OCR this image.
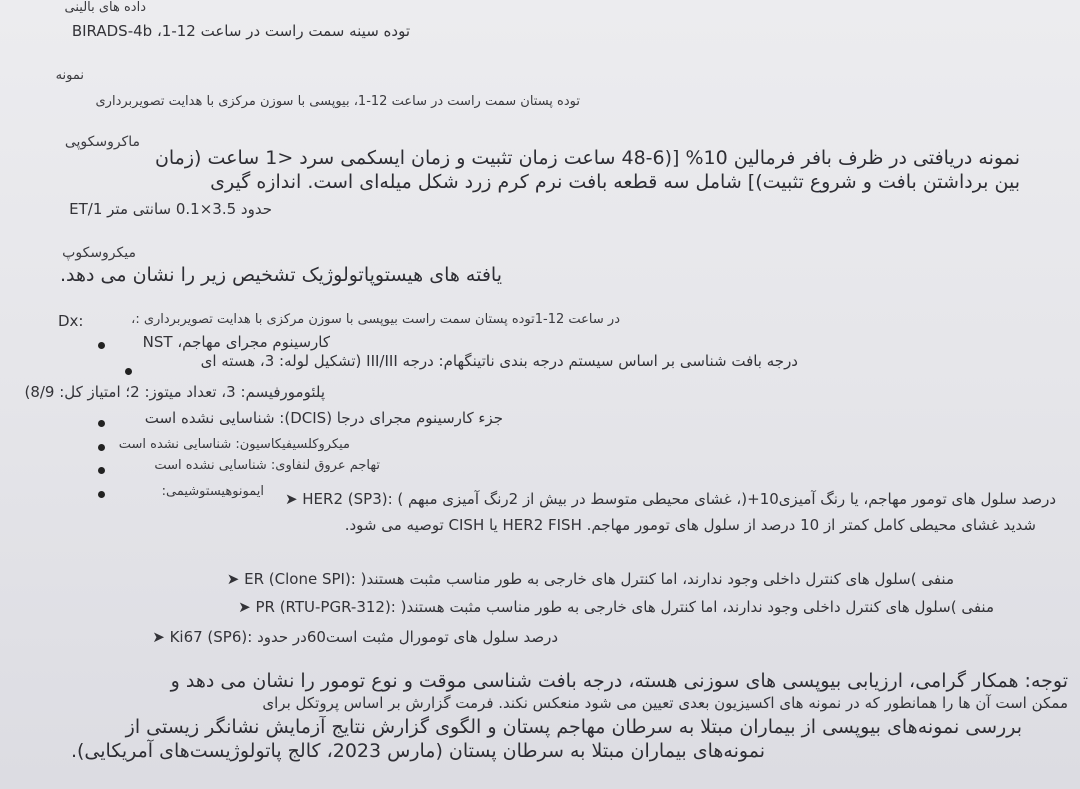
داده های بالینی
توده سینه سمت راست در ساعت 12-1، BIRADS-4b
نمونه
توده پستان سمت راست در ساعت 12-1، بیوپسی با سوزن مرکزی با هدایت تصویربرداری
ماکروسکوپی
نمونه دریافتی در ظرف بافر فرمالین 10% [(6-48 ساعت زمان تثبیت و زمان ایسکمی سرد <1 ساعت (زمان
بین برداشتن بافت و شروع تثبیت)] شامل سه قطعه بافت نرم کرم زرد شکل میله‌ای است. اندازه گیری
حدود 3.5×0.1 سانتی متر ET/1
میکروسکوپ
یافته های هیستوپاتولوژیک تشخیص زیر را نشان می دهد.
Dx:	در ساعت 12-1توده پستان سمت راست بیوپسی با سوزن مرکزی با هدایت تصویربرداری :،
کارسینوم مجرای مهاجم، NST
درجه بافت شناسی بر اساس سیستم درجه بندی ناتینگهام: درجه III/III (تشکیل لوله: 3، هسته ای
پلئومورفیسم: 3، تعداد میتوز: 2؛ امتیاز کل: 8/9)
جزء کارسینوم مجرای درجا (DCIS): شناسایی نشده است
میکروکلسیفیکاسیون: شناسایی نشده است
تهاجم عروق لنفاوی: شناسایی نشده است
ایمونوهیستوشیمی:	درصد سلول های تومور مهاجم، یا رنگ آمیزی10+(، غشای محیطی متوسط در بیش از 2رنگ آمیزی مبهم ) :(HER2 (SP3 ➤
شدید غشای محیطی کامل کمتر از 10 درصد از سلول های تومور مهاجم. HER2 FISH یا CISH توصیه می شود.
منفی )سلول های کنترل داخلی وجود ندارند، اما کنترل های خارجی به طور مناسب مثبت هستند( :(ER (Clone SPI ➤
منفی )سلول های کنترل داخلی وجود ندارند، اما کنترل های خارجی به طور مناسب مثبت هستند( :(PR (RTU-PGR-312 ➤
درصد سلول های تومورال مثبت است60در حدود :(Ki67 (SP6 ➤
توجه: همکار گرامی، ارزیابی بیوپسی های سوزنی هسته، درجه بافت شناسی موقت و نوع تومور را نشان می دهد و
ممکن است آن ها را همانطور که در نمونه های اکسیزیون بعدی تعیین می شود منعکس نکند. فرمت گزارش بر اساس پروتکل برای
بررسی نمونه‌های بیوپسی از بیماران مبتلا به سرطان مهاجم پستان و الگوی گزارش نتایج آزمایش نشانگر زیستی از
نمونه‌های بیماران مبتلا به سرطان پستان (مارس 2023، کالج پاتولوژیست‌های آمریکایی).
